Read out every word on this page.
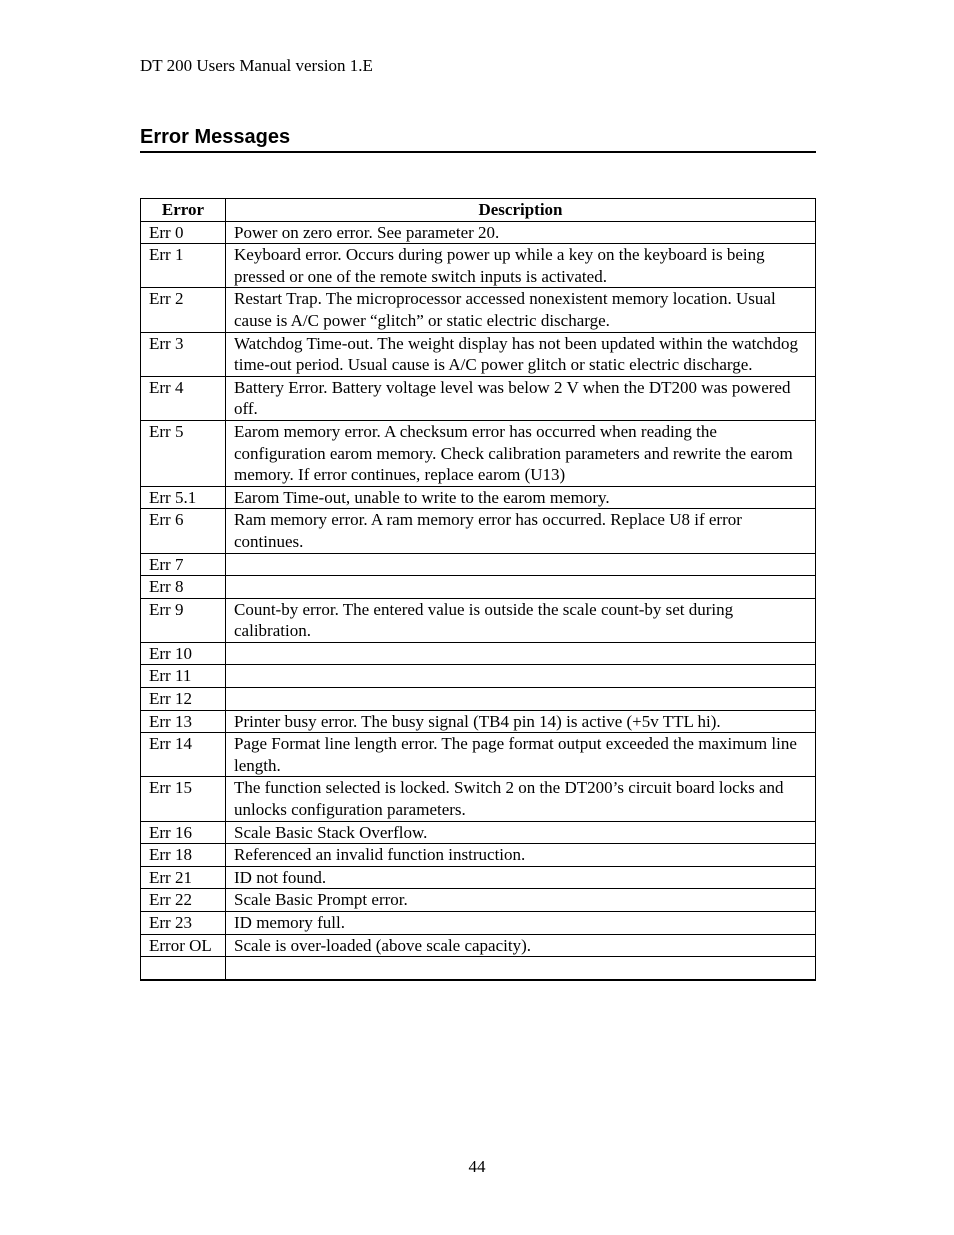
DT 200 Users Manual version 1.E
Error Messages
Error	Description
Err 0	Power on zero error. See parameter 20.
Err 1	Keyboard error. Occurs during power up while a key on the keyboard is being pressed or one of the remote switch inputs is activated.
Err 2	Restart Trap. The microprocessor accessed nonexistent memory location. Usual cause is A/C power “glitch” or static electric discharge.
Err 3	Watchdog Time-out. The weight display has not been updated within the watchdog time-out period. Usual cause is A/C power glitch or static electric discharge.
Err 4	Battery Error. Battery voltage level was below 2 V when the DT200 was powered off.
Err 5	Earom memory error. A checksum error has occurred when reading the configuration earom memory. Check calibration parameters and rewrite the earom memory. If error continues, replace earom (U13)
Err 5.1	Earom Time-out, unable to write to the earom memory.
Err 6	Ram memory error. A ram memory error has occurred. Replace U8 if error continues.
Err 7	
Err 8	
Err 9	Count-by error. The entered value is outside the scale count-by set during calibration.
Err 10	
Err 11	
Err 12	
Err 13	Printer busy error. The busy signal (TB4 pin 14) is active (+5v TTL hi).
Err 14	Page Format line length error. The page format output exceeded the maximum line length.
Err 15	The function selected is locked. Switch 2 on the DT200’s circuit board locks and unlocks configuration parameters.
Err 16	Scale Basic Stack Overflow.
Err 18	Referenced an invalid function instruction.
Err 21	ID not found.
Err 22	Scale Basic Prompt error.
Err 23	ID memory full.
Error OL	Scale is over-loaded (above scale capacity).

44
